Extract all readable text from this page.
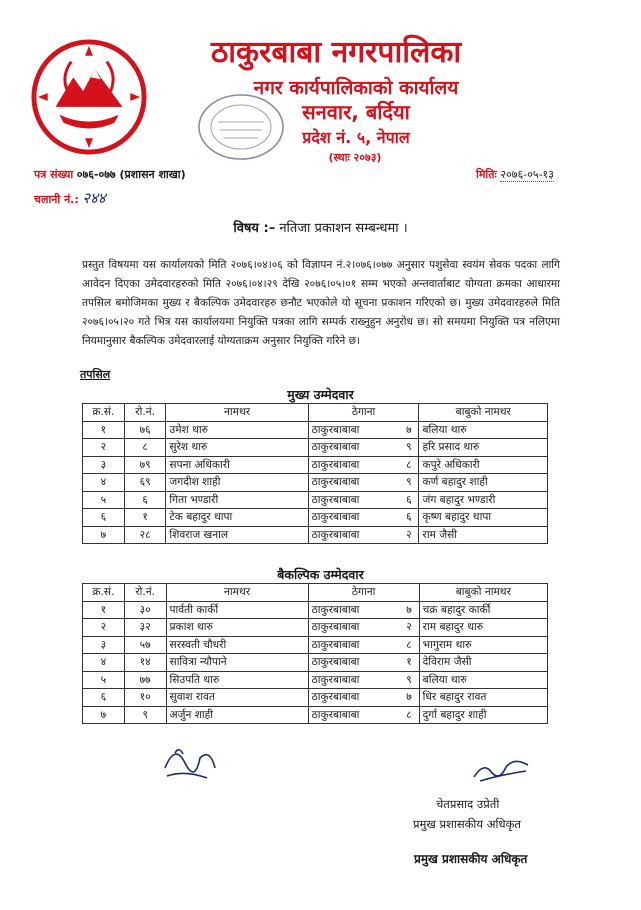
ठाकुरबाबा नगरपालिका
नगर कार्यपालिकाको कार्यालय
सनवार, बर्दिया
प्रदेश नं. ५, नेपाल
(स्थाः २०७३)
पत्र संख्या ०७६-०७७ (प्रशासन शाखा)	मितिः २०७६-०५-१३
चलानी नं.: २४४
विषय :– नतिजा प्रकाशन सम्बन्धमा ।
प्रस्तुत विषयमा यस कार्यालयको मिति २०७६।०४।०६ को विज्ञापन नं.२।०७६।०७७ अनुसार पशुसेवा स्वयंम सेवक पदका लागि आवेदन दिएका उमेदवारहरुको मिति २०७६।०४।२९ देखि २०७६।०५।०१ सम्म भएको अन्तवार्ताबाट योग्यता क्रमका आधारमा तपसिल बमोजिमका मुख्य र बैकल्पिक उमेदवारहरु छनौट भएकोले यो सूचना प्रकाशन गरिएको छ। मुख्य उमेदवारहरुले मिति २०७६।०५।२० गते भित्र यस कार्यालयमा नियुक्ति पत्रका लागि सम्पर्क राख्नुहुन अनुरोध छ। सो समयमा नियुक्ति पत्र नलिएमा नियमानुसार बैकल्पिक उमेदवारलाई योग्यताक्रम अनुसार नियुक्ति गरिने छ।
तपसिल
मुख्य उम्मेदवार
क्र.सं.	रो.नं.	नामथर	ठेगाना		बाबुको नामथर
१	७६	उमेश थारु	ठाकुरबाबाबा	७	बलिया थारु
२	८	सुरेश थारु	ठाकुरबाबाबा	९	हरि प्रसाद थारु
३	७९	सपना अधिकारी	ठाकुरबाबाबा	८	कपुरे अधिकारी
४	६९	जगदीश शाही	ठाकुरबाबाबा	९	कर्ण बहादुर शाही
५	६	गिता भण्डारी	ठाकुरबाबाबा	६	जंग बहादुर भण्डारी
६	१	टेक बहादुर थापा	ठाकुरबाबाबा	६	कृष्ण बहादुर थापा
७	२८	शिवराज खनाल	ठाकुरबाबाबा	२	राम जैसी
बैकल्पिक उम्मेदवार
क्र.सं.	रो.नं.	नामथर	ठेगाना		बाबुको नामथर
१	३०	पार्वती कार्की	ठाकुरबाबाबा	७	चक्र बहादुर कार्की
२	३२	प्रकाश थारु	ठाकुरबाबाबा	२	राम बहादुर थारु
३	५७	सरस्वती चौधरी	ठाकुरबाबाबा	८	भागुराम थारु
४	१४	सावित्रा न्यौपाने	ठाकुरबाबाबा	१	देविराम जैसी
५	७७	सिउपति थारु	ठाकुरबाबाबा	९	बलिया थारु
६	१०	सुवाश रावत	ठाकुरबाबाबा	७	धिर बहादुर रावत
७	९	अर्जुन शाही	ठाकुरबाबाबा	८	दुर्गा बहादुर शाही
चेतप्रसाद उप्रेती
प्रमुख प्रशासकीय अधिकृत
प्रमुख प्रशासकीय अधिकृत
